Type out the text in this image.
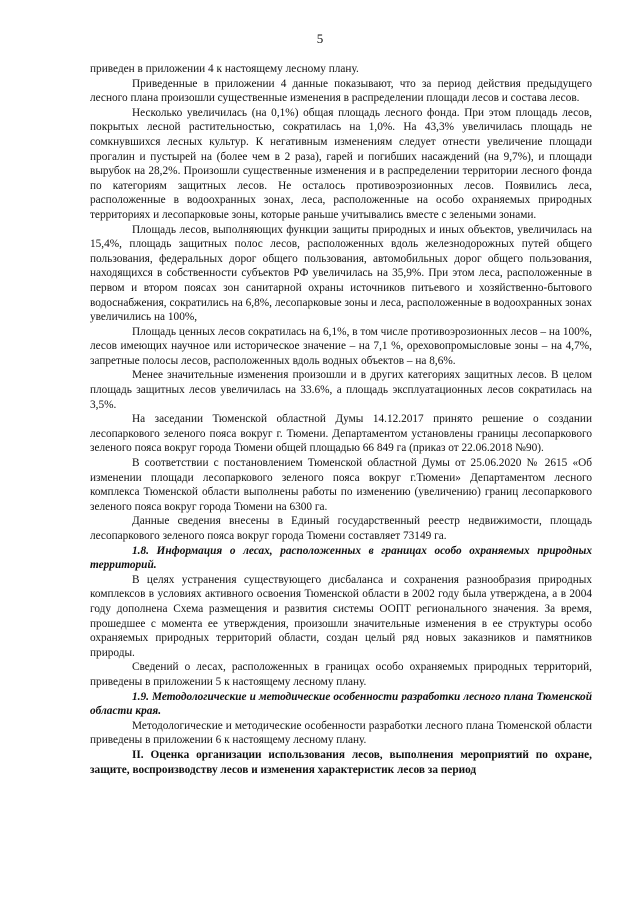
5

приведен в приложении 4 к настоящему лесному плану.

Приведенные в приложении 4 данные показывают, что за период действия предыдущего лесного плана произошли существенные изменения в распределении площади лесов и состава лесов.

Несколько увеличилась (на 0,1%) общая площадь лесного фонда. При этом площадь лесов, покрытых лесной растительностью, сократилась на 1,0%. На 43,3% увеличилась площадь не сомкнувшихся лесных культур. К негативным изменениям следует отнести увеличение площади прогалин и пустырей на (более чем в 2 раза), гарей и погибших насаждений (на 9,7%), и площади вырубок на 28,2%. Произошли существенные изменения и в распределении территории лесного фонда по категориям защитных лесов. Не осталось противоэрозионных лесов. Появились леса, расположенные в водоохранных зонах, леса, расположенные на особо охраняемых природных территориях и лесопарковые зоны, которые раньше учитывались вместе с зелеными зонами.

Площадь лесов, выполняющих функции защиты природных и иных объектов, увеличилась на 15,4%, площадь защитных полос лесов, расположенных вдоль железнодорожных путей общего пользования, федеральных дорог общего пользования, автомобильных дорог общего пользования, находящихся в собственности субъектов РФ увеличилась на 35,9%. При этом леса, расположенные в первом и втором поясах зон санитарной охраны источников питьевого и хозяйственно-бытового водоснабжения, сократились на 6,8%, лесопарковые зоны и леса, расположенные в водоохранных зонах увеличились на 100%,

Площадь ценных лесов сократилась на 6,1%, в том числе противоэрозионных лесов – на 100%, лесов имеющих научное или историческое значение – на 7,1 %, ореховопромысловые зоны – на 4,7%, запретные полосы лесов, расположенных вдоль водных объектов – на 8,6%.

Менее значительные изменения произошли и в других категориях защитных лесов. В целом площадь защитных лесов увеличилась на 33.6%, а площадь эксплуатационных лесов сократилась на 3,5%.

На заседании Тюменской областной Думы 14.12.2017 принято решение о создании лесопаркового зеленого пояса вокруг г. Тюмени. Департаментом установлены границы лесопаркового зеленого пояса вокруг города Тюмени общей площадью 66 849 га (приказ от 22.06.2018 №90).

В соответствии с постановлением Тюменской областной Думы от 25.06.2020 № 2615 «Об изменении площади лесопаркового зеленого пояса вокруг г.Тюмени» Департаментом лесного комплекса Тюменской области выполнены работы по изменению (увеличению) границ лесопаркового зеленого пояса вокруг города Тюмени на 6300 га.

Данные сведения внесены в Единый государственный реестр недвижимости, площадь лесопаркового зеленого пояса вокруг города Тюмени составляет 73149 га.

1.8. Информация о лесах, расположенных в границах особо охраняемых природных территорий.

В целях устранения существующего дисбаланса и сохранения разнообразия природных комплексов в условиях активного освоения Тюменской области в 2002 году была утверждена, а в 2004 году дополнена Схема размещения и развития системы ООПТ регионального значения. За время, прошедшее с момента ее утверждения, произошли значительные изменения в ее структуры особо охраняемых природных территорий области, создан целый ряд новых заказников и памятников природы.

Сведений о лесах, расположенных в границах особо охраняемых природных территорий, приведены в приложении 5 к настоящему лесному плану.

1.9. Методологические и методические особенности разработки лесного плана Тюменской области края.

Методологические и методические особенности разработки лесного плана Тюменской области приведены в приложении 6 к настоящему лесному плану.

II. Оценка организации использования лесов, выполнения мероприятий по охране, защите, воспроизводству лесов и изменения характеристик лесов за период
